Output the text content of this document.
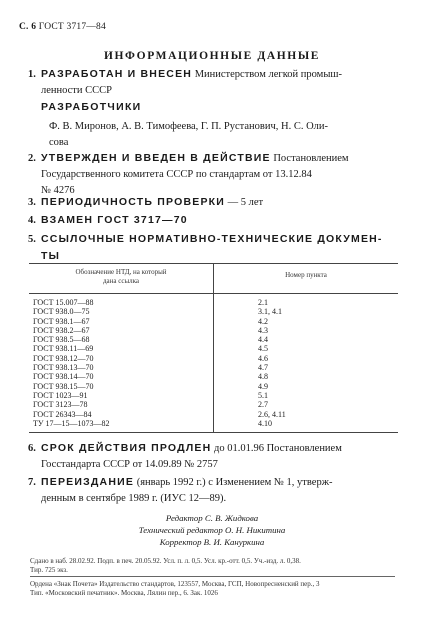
С. 6 ГОСТ 3717—84
ИНФОРМАЦИОННЫЕ ДАННЫЕ
1. РАЗРАБОТАН И ВНЕСЕН Министерством легкой промыш-
ленности СССР
РАЗРАБОТЧИКИ
Ф. В. Миронов, А. В. Тимофеева, Г. П. Рустанович, Н. С. Оли-
сова
2. УТВЕРЖДЕН И ВВЕДЕН В ДЕЙСТВИЕ Постановлением
Государственного комитета СССР по стандартам от 13.12.84
№ 4276
3. ПЕРИОДИЧНОСТЬ ПРОВЕРКИ — 5 лет
4. ВЗАМЕН ГОСТ 3717—70
5. ССЫЛОЧНЫЕ НОРМАТИВНО-ТЕХНИЧЕСКИЕ ДОКУМЕН-
ТЫ
Обозначение НТД, на который
дана ссылка
Номер пункта
ГОСТ 15.007—88
ГОСТ 938.0—75
ГОСТ 938.1—67
ГОСТ 938.2—67
ГОСТ 938.5—68
ГОСТ 938.11—69
ГОСТ 938.12—70
ГОСТ 938.13—70
ГОСТ 938.14—70
ГОСТ 938.15—70
ГОСТ 1023—91
ГОСТ 3123—78
ГОСТ 26343—84
ТУ 17—15—1073—82
2.1
3.1, 4.1
4.2
4.3
4.4
4.5
4.6
4.7
4.8
4.9
5.1
2.7
2.6, 4.11
4.10
6. СРОК ДЕЙСТВИЯ ПРОДЛЕН до 01.01.96 Постановлением
Госстандарта СССР от 14.09.89 № 2757
7. ПЕРЕИЗДАНИЕ (январь 1992 г.) с Изменением № 1, утверж-
денным в сентябре 1989 г. (ИУС 12—89).
Редактор С. В. Жидкова
Технический редактор О. Н. Никитина
Корректор В. И. Кануркина
Сдано в наб. 28.02.92. Подп. в печ. 20.05.92. Усл. п. л. 0,5. Усл. кр.-отт. 0,5. Уч.-изд. л. 0,38.
Тир. 725 экз.
Ордена «Знак Почета» Издательство стандартов, 123557, Москва, ГСП, Новопресненский пер., 3
Тип. «Московский печатник». Москва, Лялин пер., 6. Зак. 1026
